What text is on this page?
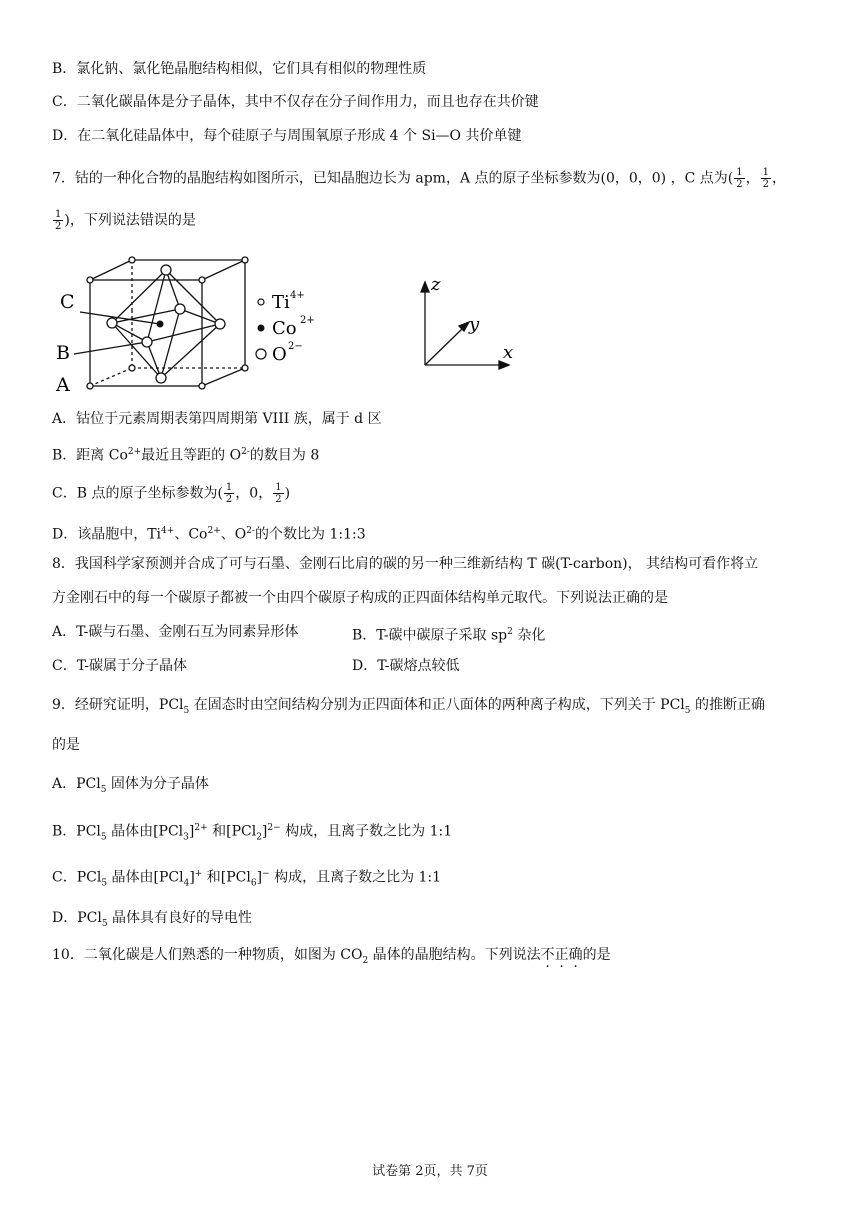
B．氯化钠、氯化铯晶胞结构相似，它们具有相似的物理性质
C．二氧化碳晶体是分子晶体，其中不仅存在分子间作用力，而且也存在共价键
D．在二氧化硅晶体中，每个硅原子与周围氧原子形成 4 个 Si—O 共价单键
7．钴的一种化合物的晶胞结构如图所示，已知晶胞边长为 apm，A 点的原子坐标参数为(0，0，0) ，C 点为( $\frac{1}{2}$ ， $\frac{1}{2}$ ，
$\frac{1}{2}$ )，下列说法错误的是
C
B
A
Ti 4+
Co 2+
O 2−
z
y
x
A．钴位于元素周期表第四周期第 VIII 族，属于 d 区
B．距离 $Co^{2+}$最近且等距的 $O^{2-}$的数目为 8
C．B 点的原子坐标参数为( $\frac{1}{2}$ ，0， $\frac{1}{2}$ )
D．该晶胞中，$Ti^{4+}$、$Co^{2+}$、$O^{2-}$的个数比为 1:1:3
8．我国科学家预测并合成了可与石墨、金刚石比肩的碳的另一种三维新结构 T 碳(T-carbon)， 其结构可看作将立
方金刚石中的每一个碳原子都被一个由四个碳原子构成的正四面体结构单元取代。下列说法正确的是
A．T-碳与石墨、金刚石互为同素异形体	B．T-碳中碳原子采取 $sp^2$ 杂化
C．T-碳属于分子晶体	D．T-碳熔点较低
9．经研究证明，PCl$_5$ 在固态时由空间结构分别为正四面体和正八面体的两种离子构成，下列关于 PCl$_5$ 的推断正确
的是
A．PCl$_5$ 固体为分子晶体
B．PCl$_5$ 晶体由$[PCl_3]^{2+}$ 和$[PCl_2]^{2-}$ 构成，且离子数之比为 1:1
C．PCl$_5$ 晶体由[PCl$_4$]+ 和[PCl$_6$]− 构成，且离子数之比为 1:1
D．PCl$_5$ 晶体具有良好的导电性
10．二氧化碳是人们熟悉的一种物质，如图为 $CO_2$ 晶体的晶胞结构。下列说法不正确的是
试卷第 2页，共 7页
